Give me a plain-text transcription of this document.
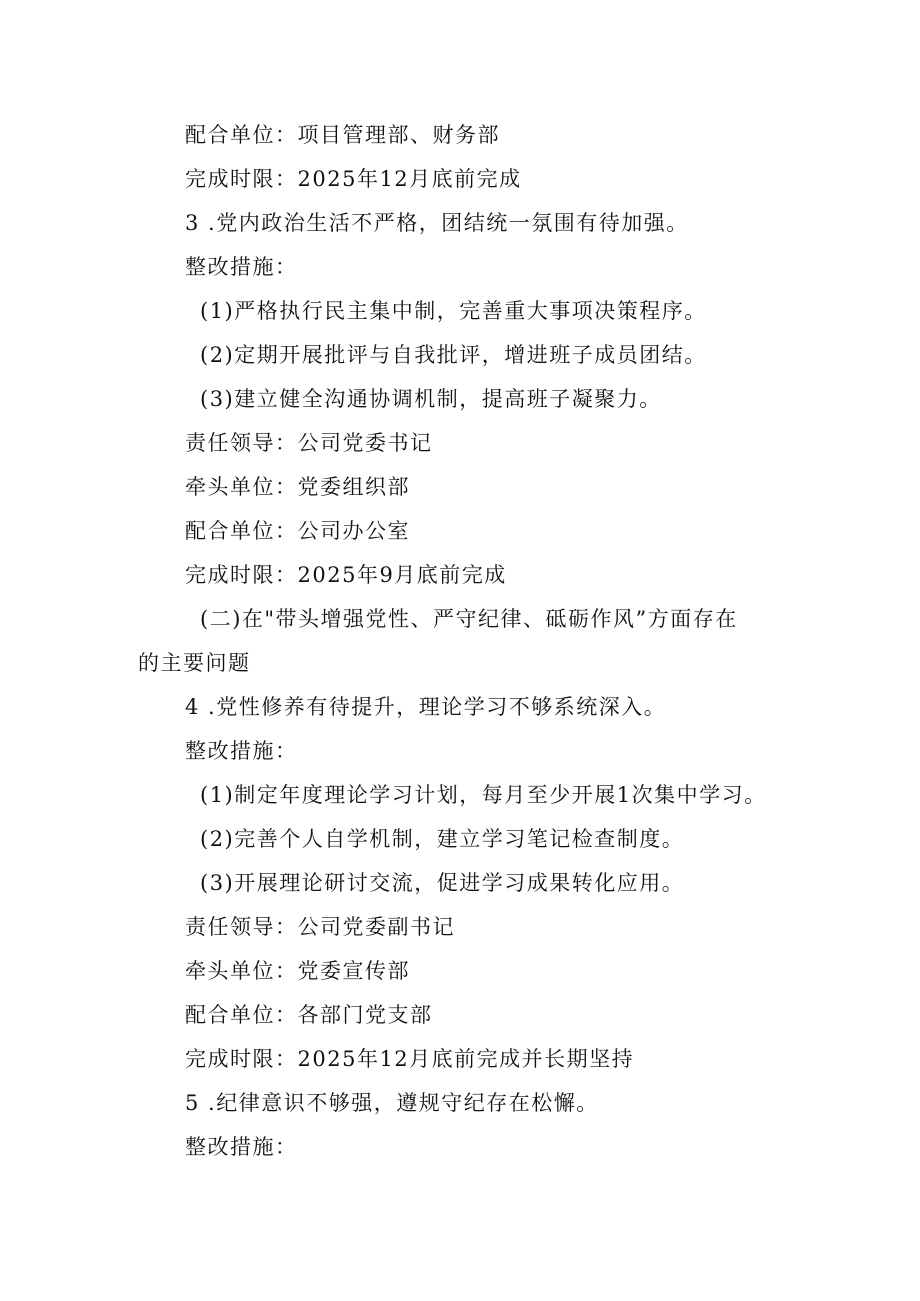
配合单位：项目管理部、财务部
完成时限：2025年12月底前完成
3 .党内政治生活不严格，团结统一氛围有待加强。
整改措施：
(1)严格执行民主集中制，完善重大事项决策程序。
(2)定期开展批评与自我批评，增进班子成员团结。
(3)建立健全沟通协调机制，提高班子凝聚力。
责任领导：公司党委书记
牵头单位：党委组织部
配合单位：公司办公室
完成时限：2025年9月底前完成
(二)在"带头增强党性、严守纪律、砥砺作风”方面存在
的主要问题
4 .党性修养有待提升，理论学习不够系统深入。
整改措施：
(1)制定年度理论学习计划，每月至少开展1次集中学习。
(2)完善个人自学机制，建立学习笔记检查制度。
(3)开展理论研讨交流，促进学习成果转化应用。
责任领导：公司党委副书记
牵头单位：党委宣传部
配合单位：各部门党支部
完成时限：2025年12月底前完成并长期坚持
5 .纪律意识不够强，遵规守纪存在松懈。
整改措施：
